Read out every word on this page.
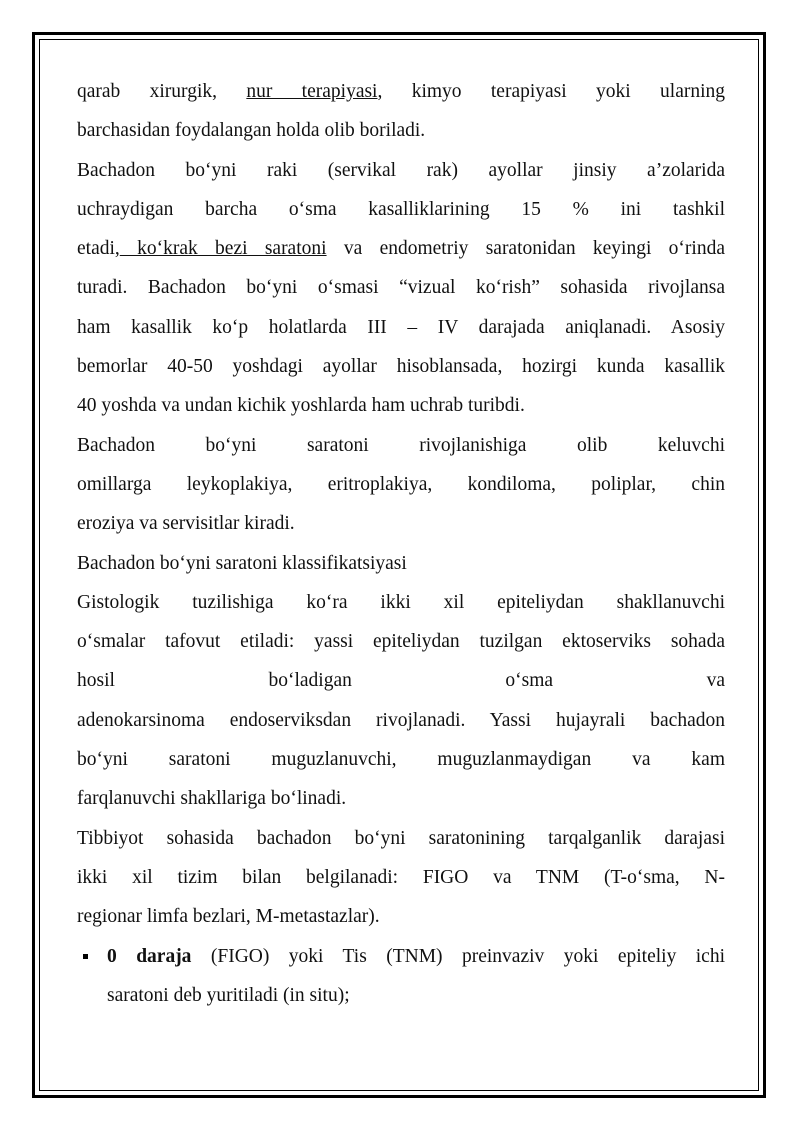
qarab xirurgik, nur terapiyasi, kimyo terapiyasi yoki ularning
barchasidan foydalangan holda olib boriladi.
Bachadon bo‘yni raki (servikal rak) ayollar jinsiy a’zolarida
uchraydigan barcha o‘sma kasalliklarining 15 % ini tashkil
etadi, ko‘krak bezi saratoni va endometriy saratonidan keyingi o‘rinda
turadi. Bachadon bo‘yni o‘smasi “vizual ko‘rish” sohasida rivojlansa
ham kasallik ko‘p holatlarda III – IV darajada aniqlanadi. Asosiy
bemorlar 40-50 yoshdagi ayollar hisoblansada, hozirgi kunda kasallik
40 yoshda va undan kichik yoshlarda ham uchrab turibdi.
Bachadon bo‘yni saratoni rivojlanishiga olib keluvchi
omillarga leykoplakiya, eritroplakiya, kondiloma, poliplar, chin
eroziya va servisitlar kiradi.
Bachadon bo‘yni saratoni klassifikatsiyasi
Gistologik tuzilishiga ko‘ra ikki xil epiteliydan shakllanuvchi
o‘smalar tafovut etiladi: yassi epiteliydan tuzilgan ektoserviks sohada
hosil bo‘ladigan o‘sma va
adenokarsinoma endoserviksdan rivojlanadi. Yassi hujayrali bachadon
bo‘yni saratoni muguzlanuvchi, muguzlanmaydigan va kam
farqlanuvchi shakllariga bo‘linadi.
Tibbiyot sohasida bachadon bo‘yni saratonining tarqalganlik darajasi
ikki xil tizim bilan belgilanadi: FIGO va TNM (T-o‘sma, N-
regionar limfa bezlari, M-metastazlar).
0 daraja (FIGO) yoki Tis (TNM) preinvaziv yoki epiteliy ichi
saratoni deb yuritiladi (in situ);
